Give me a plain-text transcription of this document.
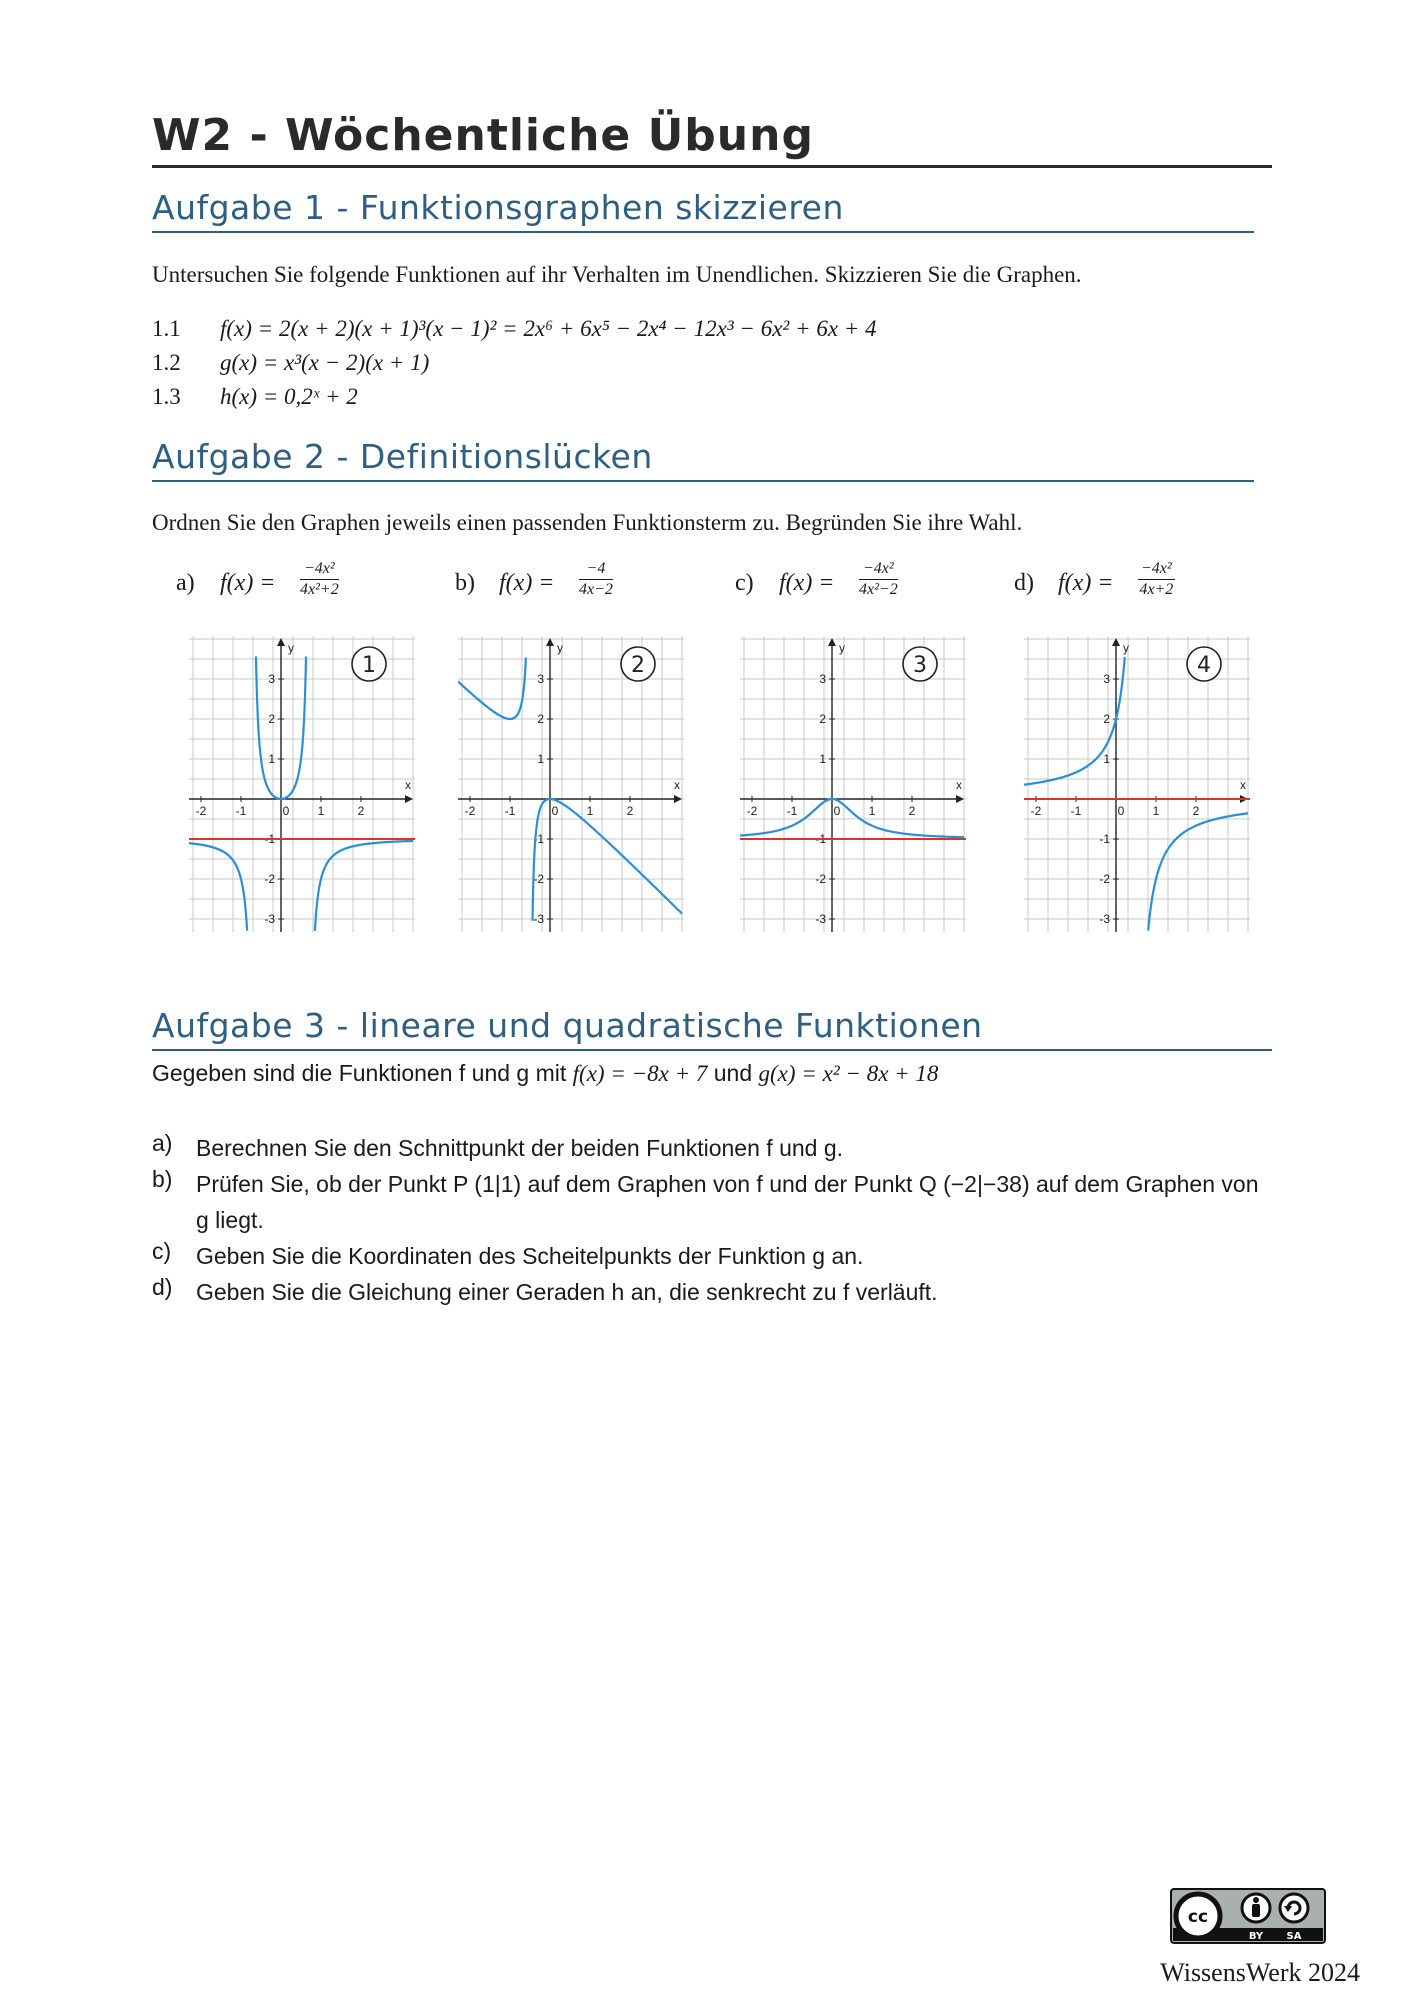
W2 - Wöchentliche Übung
Aufgabe 1 - Funktionsgraphen skizzieren
Untersuchen Sie folgende Funktionen auf ihr Verhalten im Unendlichen. Skizzieren Sie die Graphen.
1.1	f(x) = 2(x + 2)(x + 1)³(x − 1)² = 2x⁶ + 6x⁵ − 2x⁴ − 12x³ − 6x² + 6x + 4
1.2	g(x) = x³(x − 2)(x + 1)
1.3	h(x) = 0,2ˣ + 2
Aufgabe 2 - Definitionslücken
Ordnen Sie den Graphen jeweils einen passenden Funktionsterm zu. Begründen Sie ihre Wahl.
a) $f(x) = \frac{\text{−4x²}}{\text{4x²+2}}$	b) $f(x) = \frac{-4}{4x-2}$	c) $f(x) = \frac{\text{−4x²}}{\text{4x²−2}}$	d) $f(x) = \frac{\text{−4x²}}{4x+2}$
x
y
-2 -1	0 1	2
3
2
1
-1
-2
-3
1
x
y
-2 -1	0 1	2
3
2
1
-1
-2
-3
2
x
y
-2 -1	0 1	2
3
2
1
-1
-2
-3
3
x
y
-2 -1	0 1	2
3
2
1
-1
-2
-3
4
Aufgabe 3 - lineare und quadratische Funktionen
Gegeben sind die Funktionen f und g mit f(x) = −8x + 7 und g(x) = x² − 8x + 18
a) Berechnen Sie den Schnittpunkt der beiden Funktionen f und g.
b) Prüfen Sie, ob der Punkt P (1|1) auf dem Graphen von f und der Punkt Q (−2|−38) auf dem Graphen von g liegt.
c) Geben Sie die Koordinaten des Scheitelpunkts der Funktion g an.
d) Geben Sie die Gleichung einer Geraden h an, die senkrecht zu f verläuft.
cc
BY SA
WissensWerk 2024
